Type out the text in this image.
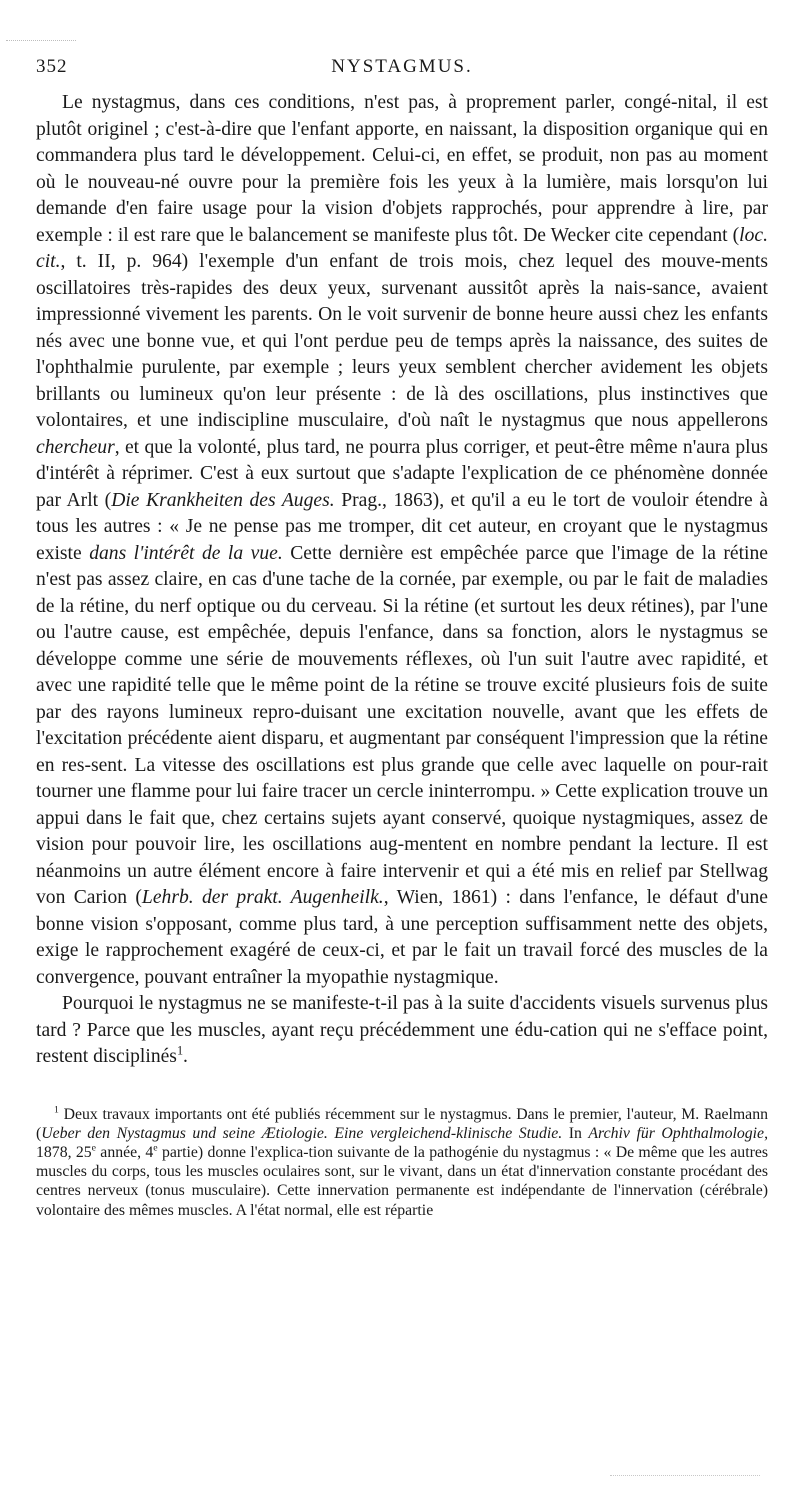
352	NYSTAGMUS.

Le nystagmus, dans ces conditions, n'est pas, à proprement parler, congé-nital, il est plutôt originel ; c'est-à-dire que l'enfant apporte, en naissant, la disposition organique qui en commandera plus tard le développement. Celui-ci, en effet, se produit, non pas au moment où le nouveau-né ouvre pour la première fois les yeux à la lumière, mais lorsqu'on lui demande d'en faire usage pour la vision d'objets rapprochés, pour apprendre à lire, par exemple : il est rare que le balancement se manifeste plus tôt. De Wecker cite cependant (loc. cit., t. II, p. 964) l'exemple d'un enfant de trois mois, chez lequel des mouve-ments oscillatoires très-rapides des deux yeux, survenant aussitôt après la nais-sance, avaient impressionné vivement les parents. On le voit survenir de bonne heure aussi chez les enfants nés avec une bonne vue, et qui l'ont perdue peu de temps après la naissance, des suites de l'ophthalmie purulente, par exemple ; leurs yeux semblent chercher avidement les objets brillants ou lumineux qu'on leur présente : de là des oscillations, plus instinctives que volontaires, et une indiscipline musculaire, d'où naît le nystagmus que nous appellerons chercheur, et que la volonté, plus tard, ne pourra plus corriger, et peut-être même n'aura plus d'intérêt à réprimer. C'est à eux surtout que s'adapte l'explication de ce phénomène donnée par Arlt (Die Krankheiten des Auges. Prag., 1863), et qu'il a eu le tort de vouloir étendre à tous les autres : « Je ne pense pas me tromper, dit cet auteur, en croyant que le nystagmus existe dans l'intérêt de la vue. Cette dernière est empêchée parce que l'image de la rétine n'est pas assez claire, en cas d'une tache de la cornée, par exemple, ou par le fait de maladies de la rétine, du nerf optique ou du cerveau. Si la rétine (et surtout les deux rétines), par l'une ou l'autre cause, est empêchée, depuis l'enfance, dans sa fonction, alors le nystagmus se développe comme une série de mouvements réflexes, où l'un suit l'autre avec rapidité, et avec une rapidité telle que le même point de la rétine se trouve excité plusieurs fois de suite par des rayons lumineux repro-duisant une excitation nouvelle, avant que les effets de l'excitation précédente aient disparu, et augmentant par conséquent l'impression que la rétine en res-sent. La vitesse des oscillations est plus grande que celle avec laquelle on pour-rait tourner une flamme pour lui faire tracer un cercle ininterrompu. » Cette explication trouve un appui dans le fait que, chez certains sujets ayant conservé, quoique nystagmiques, assez de vision pour pouvoir lire, les oscillations aug-mentent en nombre pendant la lecture. Il est néanmoins un autre élément encore à faire intervenir et qui a été mis en relief par Stellwag von Carion (Lehrb. der prakt. Augenheilk., Wien, 1861) : dans l'enfance, le défaut d'une bonne vision s'opposant, comme plus tard, à une perception suffisamment nette des objets, exige le rapprochement exagéré de ceux-ci, et par le fait un travail forcé des muscles de la convergence, pouvant entraîner la myopathie nystagmique.

Pourquoi le nystagmus ne se manifeste-t-il pas à la suite d'accidents visuels survenus plus tard ? Parce que les muscles, ayant reçu précédemment une édu-cation qui ne s'efface point, restent disciplinés$^1$.

$^1$ Deux travaux importants ont été publiés récemment sur le nystagmus. Dans le premier, l'auteur, M. Raelmann (Ueber den Nystagmus und seine Ætiologie. Eine vergleichend-klinische Studie. In Archiv für Ophthalmologie, 1878, 25e année, 4e partie) donne l'explica-tion suivante de la pathogénie du nystagmus : « De même que les autres muscles du corps, tous les muscles oculaires sont, sur le vivant, dans un état d'innervation constante procédant des centres nerveux (tonus musculaire). Cette innervation permanente est indépendante de l'innervation (cérébrale) volontaire des mêmes muscles. A l'état normal, elle est répartie
